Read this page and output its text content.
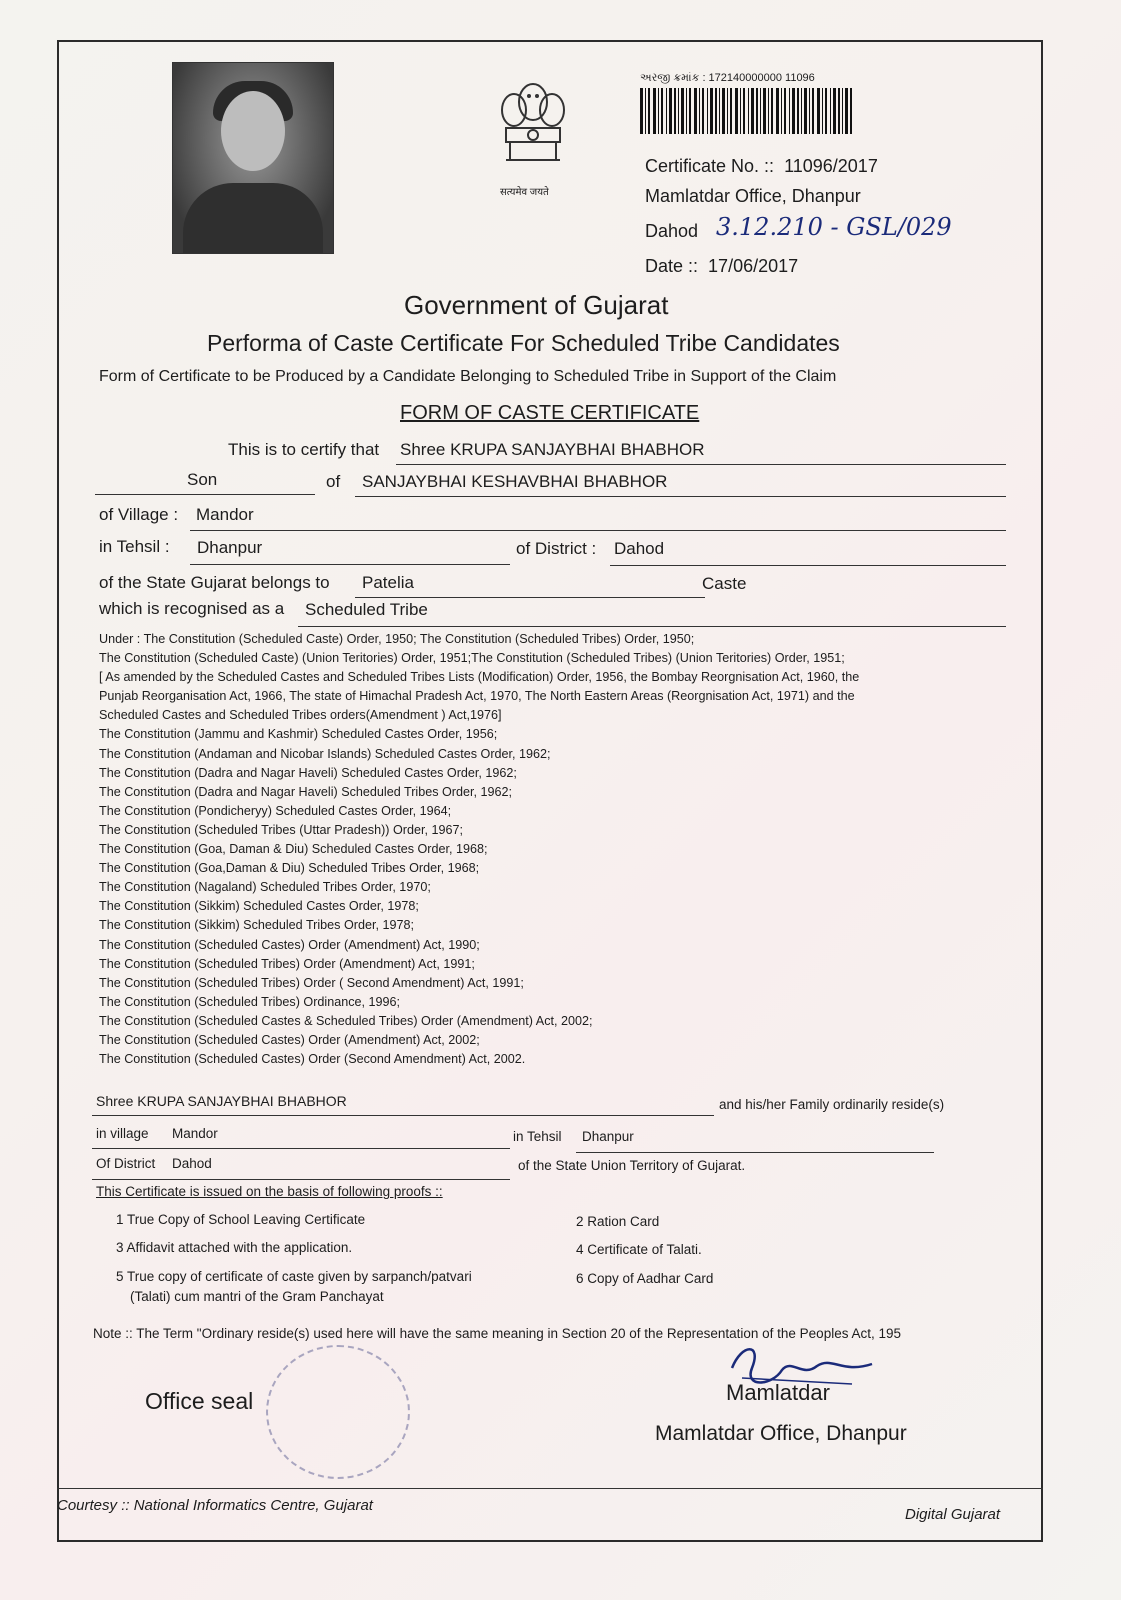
सत्यमेव जयते
અરજી ક્રમાંક : 172140000000 11096
Certificate No. :: 11096/2017
Mamlatdar Office, Dhanpur
Dahod 3.12.210 - GSL/029
Date :: 17/06/2017
Government of Gujarat
Performa of Caste Certificate For Scheduled Tribe Candidates
Form of Certificate to be Produced by a Candidate Belonging to Scheduled Tribe in Support of the Claim
FORM OF CASTE CERTIFICATE
This is to certify that Shree KRUPA SANJAYBHAI BHABHOR
Son	of SANJAYBHAI KESHAVBHAI BHABHOR
of Village : Mandor
in Tehsil : Dhanpur	of District : Dahod
of the State Gujarat belongs to Patelia	Caste
which is recognised as a Scheduled Tribe
Under : The Constitution (Scheduled Caste) Order, 1950; The Constitution (Scheduled Tribes) Order, 1950;
The Constitution (Scheduled Caste) (Union Teritories) Order, 1951;The Constitution (Scheduled Tribes) (Union Teritories) Order, 1951;
[ As amended by the Scheduled Castes and Scheduled Tribes Lists (Modification) Order, 1956, the Bombay Reorgnisation Act, 1960, the
Punjab Reorganisation Act, 1966, The state of Himachal Pradesh Act, 1970, The North Eastern Areas (Reorgnisation Act, 1971) and the
Scheduled Castes and Scheduled Tribes orders(Amendment ) Act,1976]
The Constitution (Jammu and Kashmir) Scheduled Castes Order, 1956;
The Constitution (Andaman and Nicobar Islands) Scheduled Castes Order, 1962;
The Constitution (Dadra and Nagar Haveli) Scheduled Castes Order, 1962;
The Constitution (Dadra and Nagar Haveli) Scheduled Tribes Order, 1962;
The Constitution (Pondicheryy) Scheduled Castes Order, 1964;
The Constitution (Scheduled Tribes (Uttar Pradesh)) Order, 1967;
The Constitution (Goa, Daman & Diu) Scheduled Castes Order, 1968;
The Constitution (Goa,Daman & Diu) Scheduled Tribes Order, 1968;
The Constitution (Nagaland) Scheduled Tribes Order, 1970;
The Constitution (Sikkim) Scheduled Castes Order, 1978;
The Constitution (Sikkim) Scheduled Tribes Order, 1978;
The Constitution (Scheduled Castes) Order (Amendment) Act, 1990;
The Constitution (Scheduled Tribes) Order (Amendment) Act, 1991;
The Constitution (Scheduled Tribes) Order ( Second Amendment) Act, 1991;
The Constitution (Scheduled Tribes) Ordinance, 1996;
The Constitution (Scheduled Castes & Scheduled Tribes) Order (Amendment) Act, 2002;
The Constitution (Scheduled Castes) Order (Amendment) Act, 2002;
The Constitution (Scheduled Castes) Order (Second Amendment) Act, 2002.
Shree KRUPA SANJAYBHAI BHABHOR	and his/her Family ordinarily reside(s)
in village Mandor	in Tehsil Dhanpur
Of District Dahod	of the State Union Territory of Gujarat.
This Certificate is issued on the basis of following proofs ::
1 True Copy of School Leaving Certificate	2 Ration Card
3 Affidavit attached with the application.	4 Certificate of Talati.
5 True copy of certificate of caste given by sarpanch/patvari
(Talati) cum mantri of the Gram Panchayat
6 Copy of Aadhar Card
Note :: The Term "Ordinary reside(s) used here will have the same meaning in Section 20 of the Representation of the Peoples Act, 195
Office seal	Mamlatdar
Mamlatdar Office, Dhanpur
Courtesy :: National Informatics Centre, Gujarat
Digital Gujarat
